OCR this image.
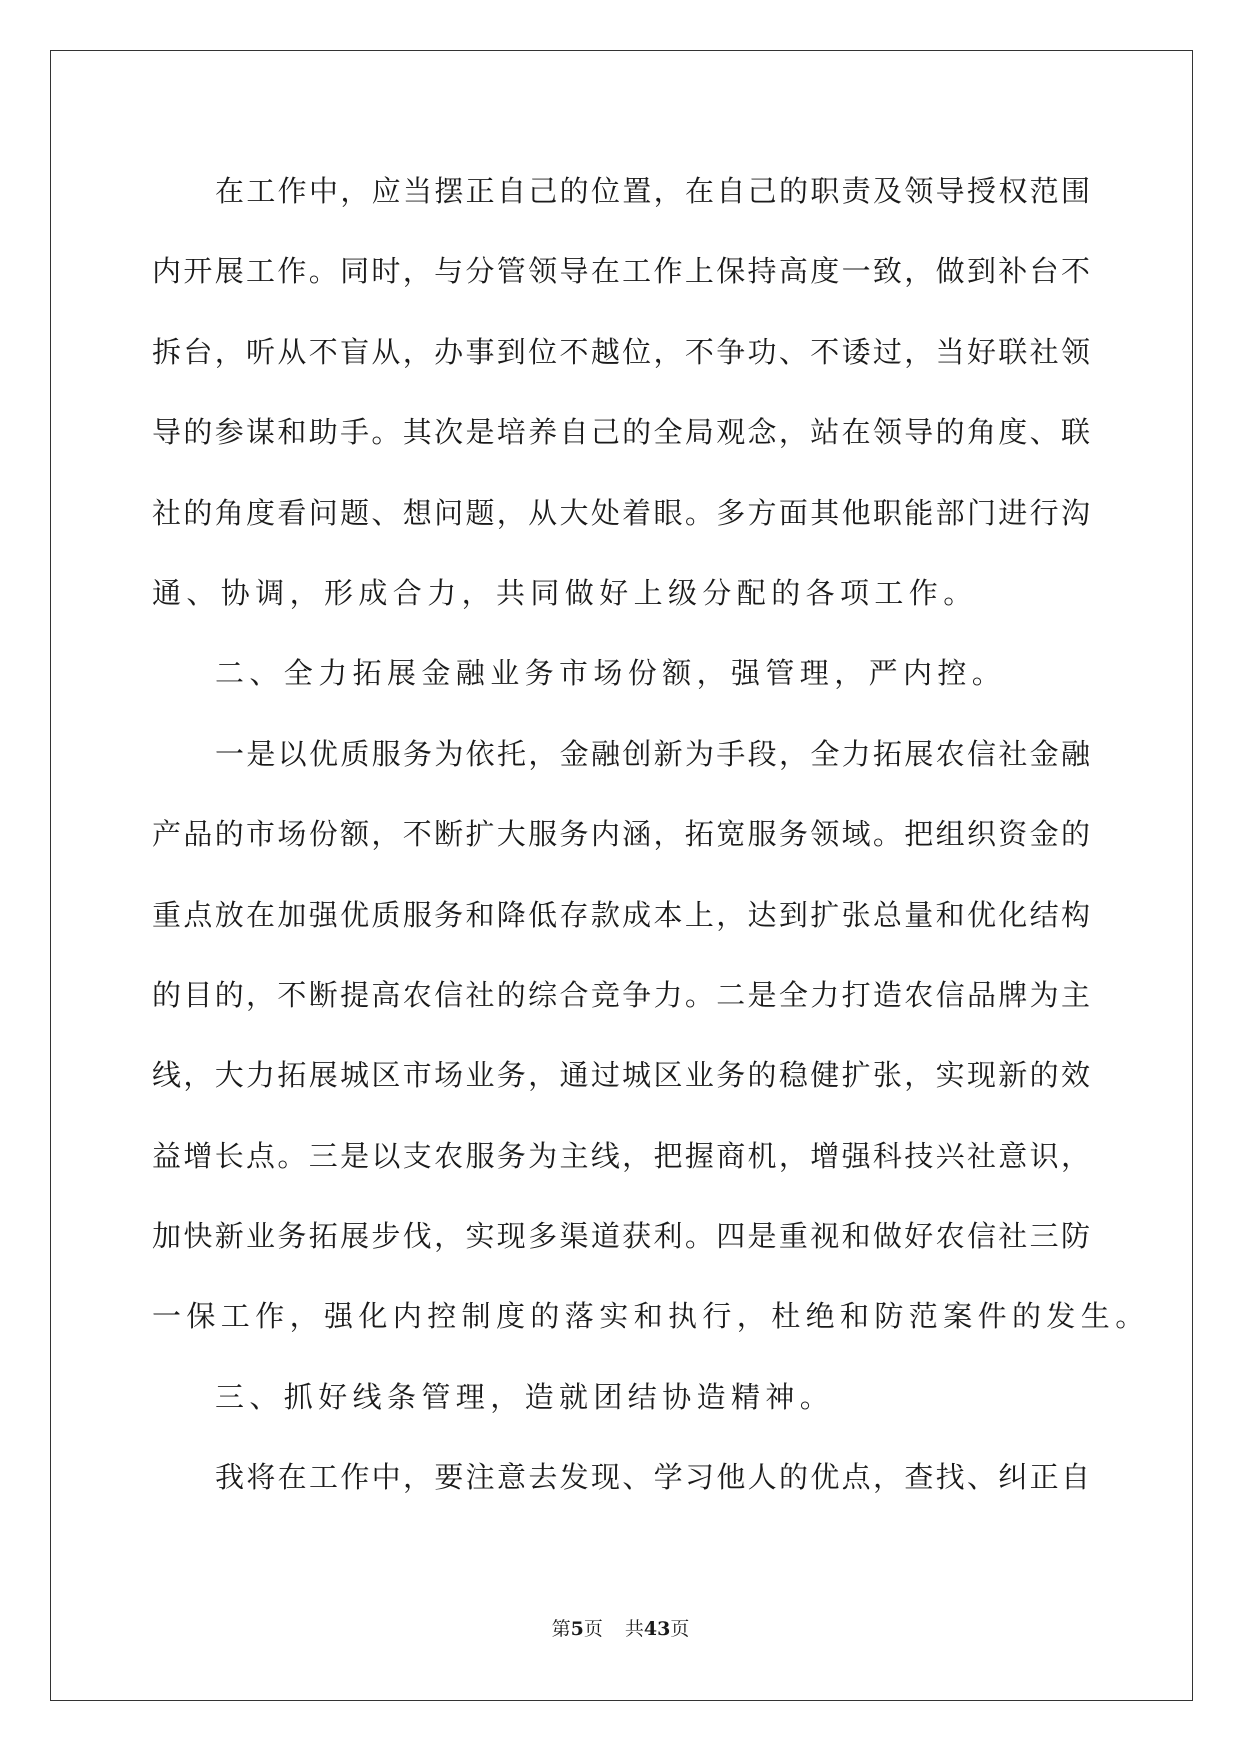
在工作中，应当摆正自己的位置，在自己的职责及领导授权范围
内开展工作。同时，与分管领导在工作上保持高度一致，做到补台不
拆台，听从不盲从，办事到位不越位，不争功、不诿过，当好联社领
导的参谋和助手。其次是培养自己的全局观念，站在领导的角度、联
社的角度看问题、想问题，从大处着眼。多方面其他职能部门进行沟
通、协调，形成合力，共同做好上级分配的各项工作。
二、全力拓展金融业务市场份额，强管理，严内控。
一是以优质服务为依托，金融创新为手段，全力拓展农信社金融
产品的市场份额，不断扩大服务内涵，拓宽服务领域。把组织资金的
重点放在加强优质服务和降低存款成本上，达到扩张总量和优化结构
的目的，不断提高农信社的综合竞争力。二是全力打造农信品牌为主
线，大力拓展城区市场业务，通过城区业务的稳健扩张，实现新的效
益增长点。三是以支农服务为主线，把握商机，增强科技兴社意识，
加快新业务拓展步伐，实现多渠道获利。四是重视和做好农信社三防
一保工作，强化内控制度的落实和执行，杜绝和防范案件的发生。
三、抓好线条管理，造就团结协造精神。
我将在工作中，要注意去发现、学习他人的优点，查找、纠正自
第5页 共43页
